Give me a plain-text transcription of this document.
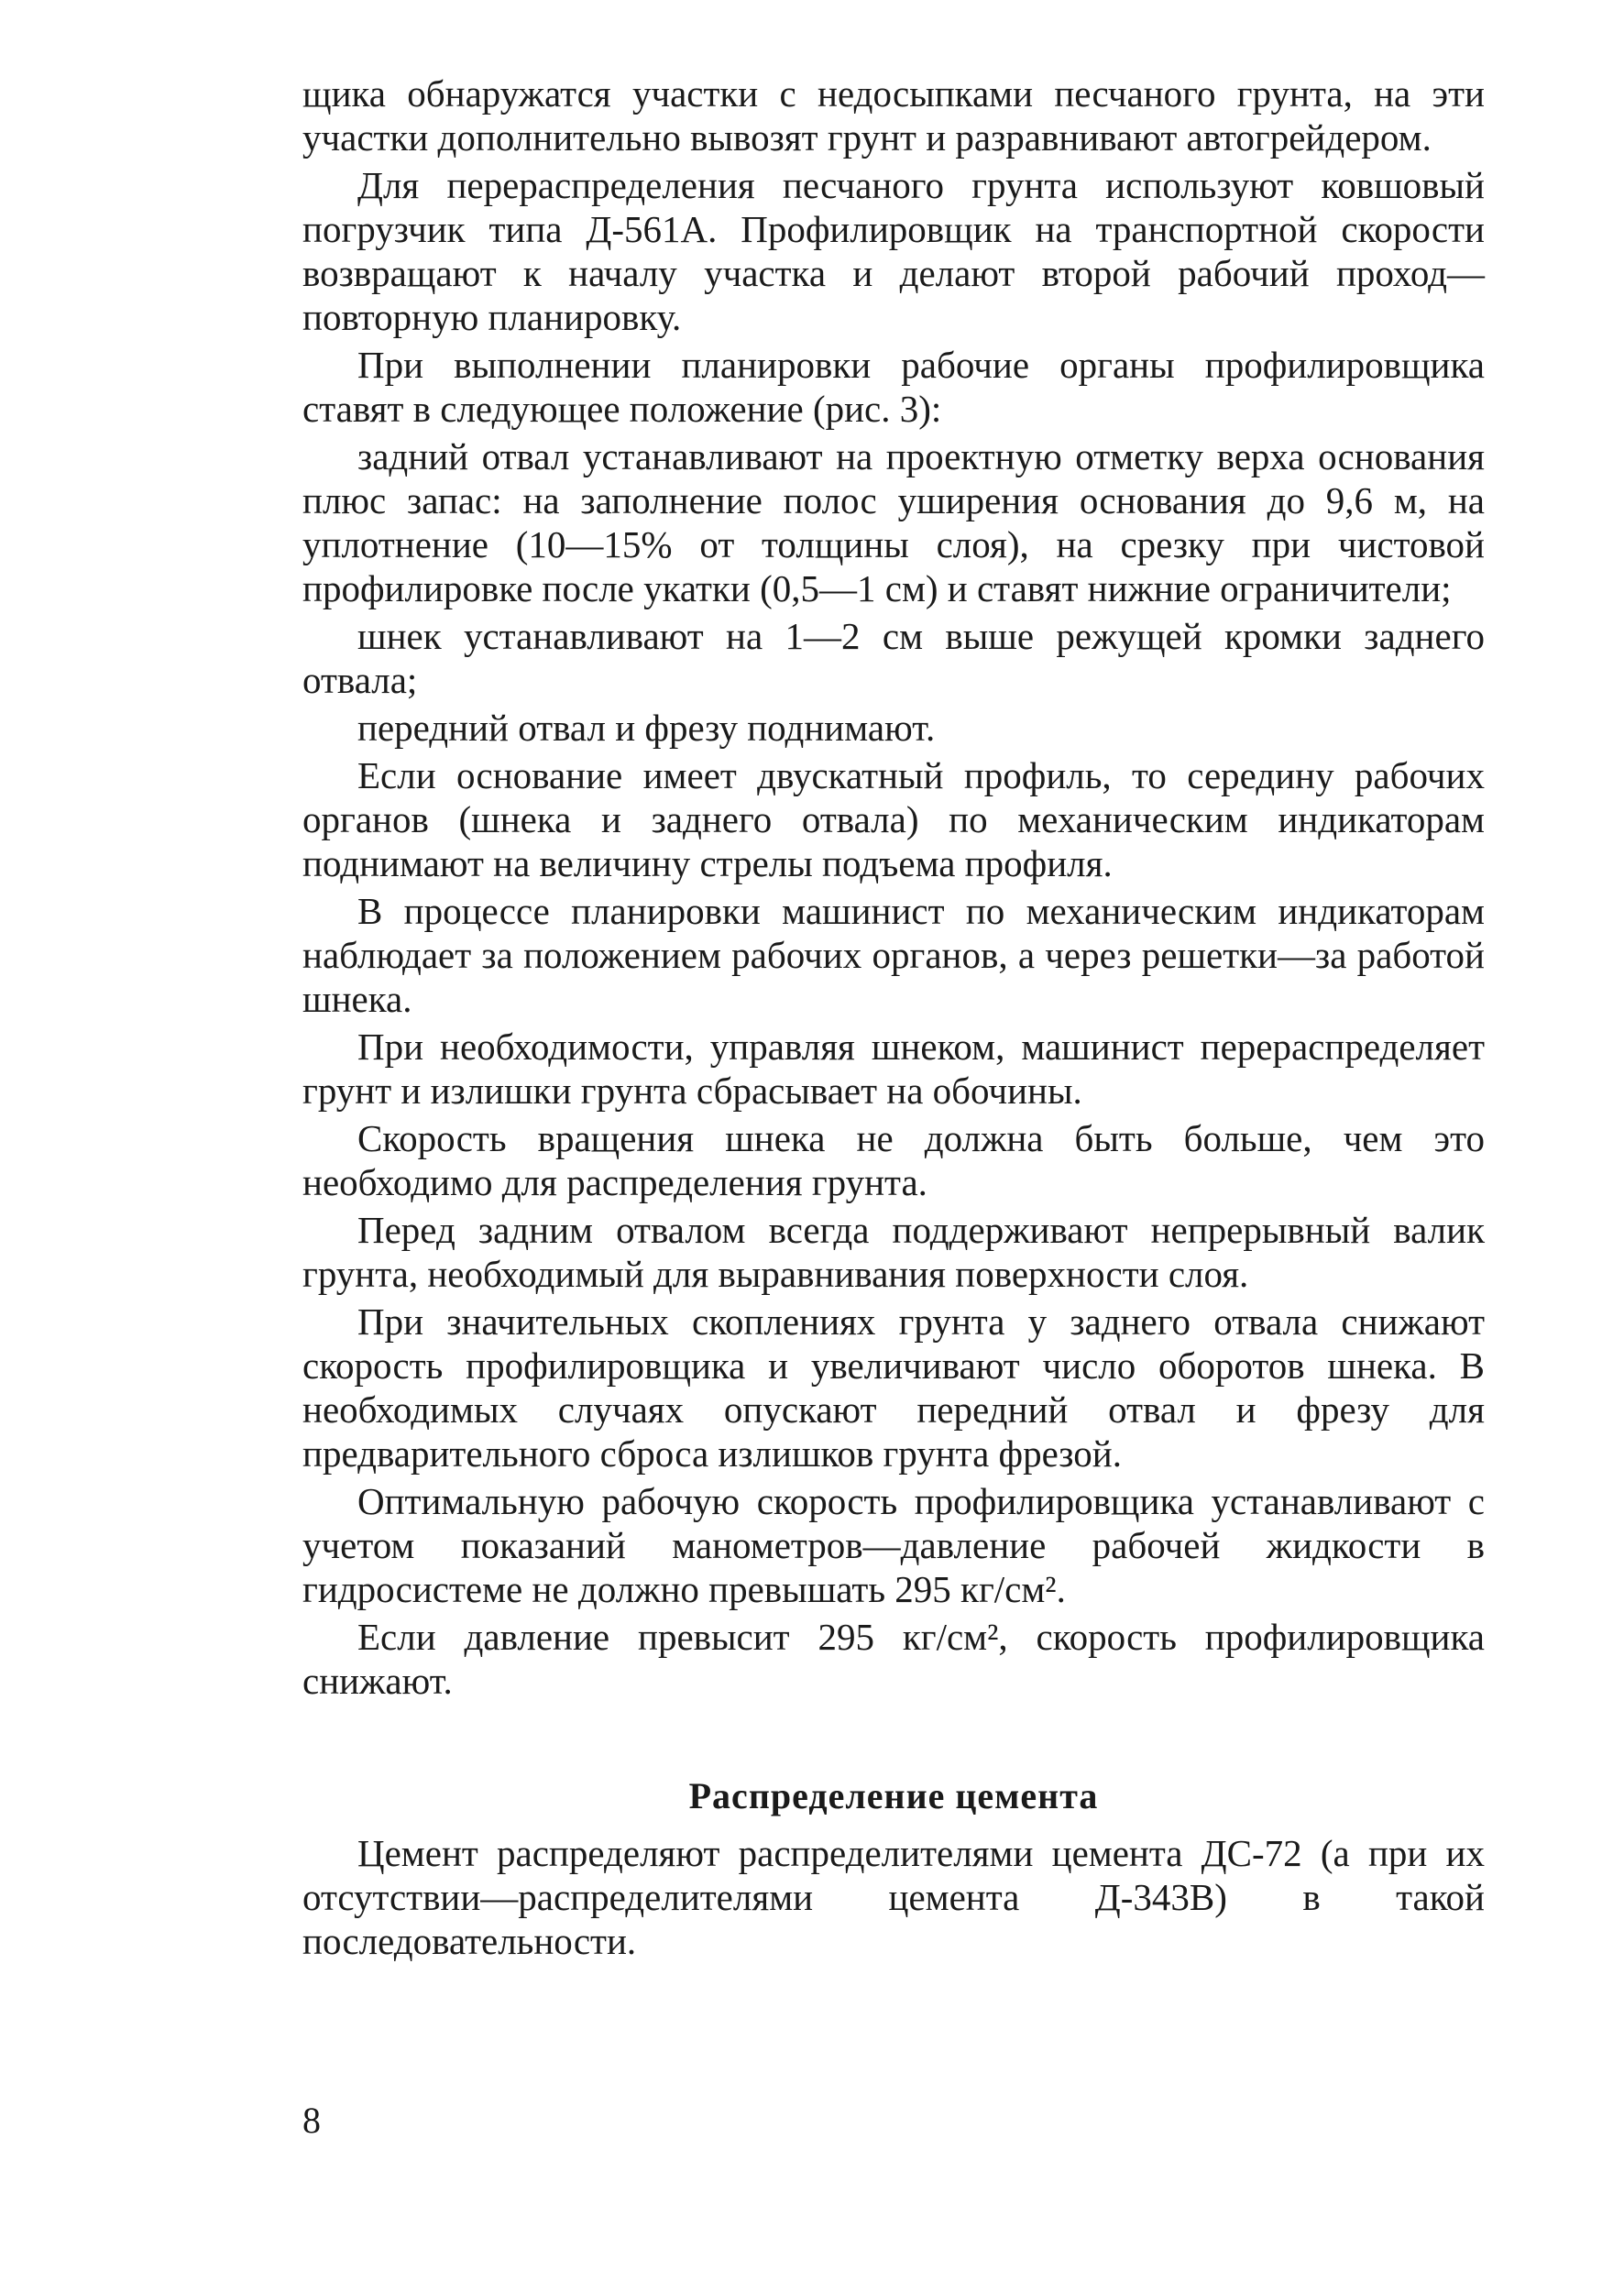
щика обнаружатся участки с недосыпками песчаного грунта, на эти участки дополнительно вывозят грунт и разравнивают автогрейдером.

Для перераспределения песчаного грунта используют ковшовый погрузчик типа Д-561А. Профилировщик на транспортной скорости возвращают к началу участка и делают второй рабочий проход—повторную планировку.

При выполнении планировки рабочие органы профилировщика ставят в следующее положение (рис. 3):

задний отвал устанавливают на проектную отметку верха основания плюс запас: на заполнение полос уширения основания до 9,6 м, на уплотнение (10—15% от толщины слоя), на срезку при чистовой профилировке после укатки (0,5—1 см) и ставят нижние ограничители;

шнек устанавливают на 1—2 см выше режущей кромки заднего отвала;

передний отвал и фрезу поднимают.

Если основание имеет двускатный профиль, то середину рабочих органов (шнека и заднего отвала) по механическим индикаторам поднимают на величину стрелы подъема профиля.

В процессе планировки машинист по механическим индикаторам наблюдает за положением рабочих органов, а через решетки—за работой шнека.

При необходимости, управляя шнеком, машинист перераспределяет грунт и излишки грунта сбрасывает на обочины.

Скорость вращения шнека не должна быть больше, чем это необходимо для распределения грунта.

Перед задним отвалом всегда поддерживают непрерывный валик грунта, необходимый для выравнивания поверхности слоя.

При значительных скоплениях грунта у заднего отвала снижают скорость профилировщика и увеличивают число оборотов шнека. В необходимых случаях опускают передний отвал и фрезу для предварительного сброса излишков грунта фрезой.

Оптимальную рабочую скорость профилировщика устанавливают с учетом показаний манометров—давление рабочей жидкости в гидросистеме не должно превышать 295 кг/см².

Если давление превысит 295 кг/см², скорость профилировщика снижают.

Распределение цемента

Цемент распределяют распределителями цемента ДС-72 (а при их отсутствии—распределителями цемента Д-343В) в такой последовательности.

8
